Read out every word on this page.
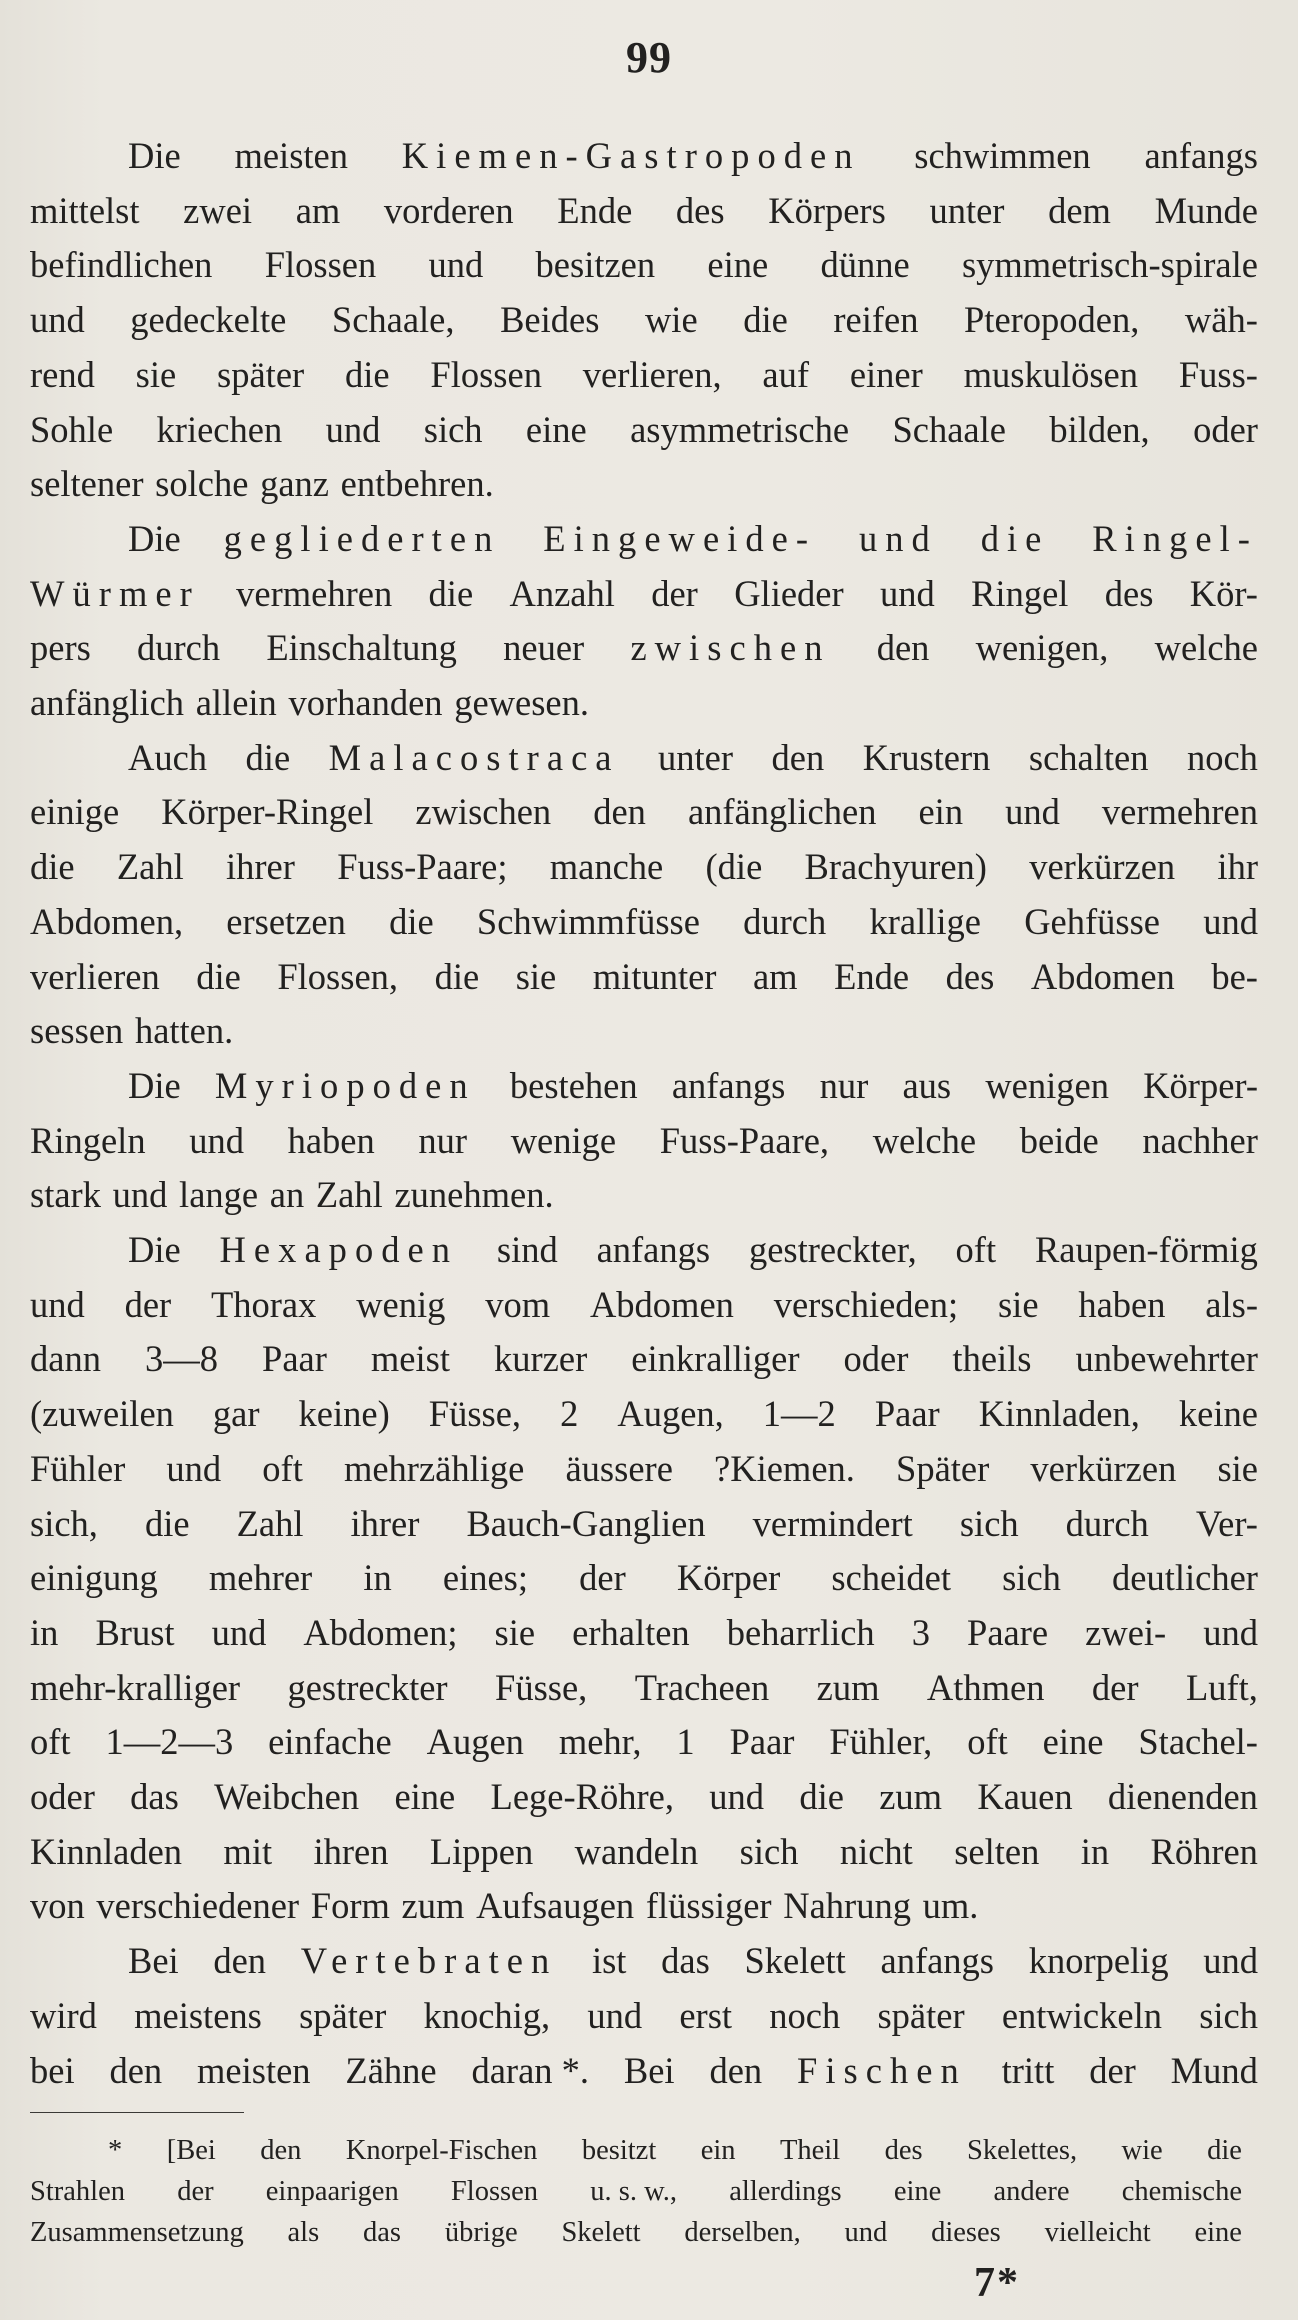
99
Die meisten Kiemen-Gastropoden schwimmen anfangs
mittelst zwei am vorderen Ende des Körpers unter dem Munde
befindlichen Flossen und besitzen eine dünne symmetrisch-spirale
und gedeckelte Schaale, Beides wie die reifen Pteropoden, wäh-
rend sie später die Flossen verlieren, auf einer muskulösen Fuss-
Sohle kriechen und sich eine asymmetrische Schaale bilden, oder
seltener solche ganz entbehren.
Die gegliederten Eingeweide- und die Ringel-
Würmer vermehren die Anzahl der Glieder und Ringel des Kör-
pers durch Einschaltung neuer zwischen den wenigen, welche
anfänglich allein vorhanden gewesen.
Auch die Malacostraca unter den Krustern schalten noch
einige Körper-Ringel zwischen den anfänglichen ein und vermehren
die Zahl ihrer Fuss-Paare; manche (die Brachyuren) verkürzen ihr
Abdomen, ersetzen die Schwimmfüsse durch krallige Gehfüsse und
verlieren die Flossen, die sie mitunter am Ende des Abdomen be-
sessen hatten.
Die Myriopoden bestehen anfangs nur aus wenigen Körper-
Ringeln und haben nur wenige Fuss-Paare, welche beide nachher
stark und lange an Zahl zunehmen.
Die Hexapoden sind anfangs gestreckter, oft Raupen-förmig
und der Thorax wenig vom Abdomen verschieden; sie haben als-
dann 3—8 Paar meist kurzer einkralliger oder theils unbewehrter
(zuweilen gar keine) Füsse, 2 Augen, 1—2 Paar Kinnladen, keine
Fühler und oft mehrzählige äussere ?Kiemen. Später verkürzen sie
sich, die Zahl ihrer Bauch-Ganglien vermindert sich durch Ver-
einigung mehrer in eines; der Körper scheidet sich deutlicher
in Brust und Abdomen; sie erhalten beharrlich 3 Paare zwei- und
mehr-kralliger gestreckter Füsse, Tracheen zum Athmen der Luft,
oft 1—2—3 einfache Augen mehr, 1 Paar Fühler, oft eine Stachel-
oder das Weibchen eine Lege-Röhre, und die zum Kauen dienenden
Kinnladen mit ihren Lippen wandeln sich nicht selten in Röhren
von verschiedener Form zum Aufsaugen flüssiger Nahrung um.
Bei den Vertebraten ist das Skelett anfangs knorpelig und
wird meistens später knochig, und erst noch später entwickeln sich
bei den meisten Zähne daran *. Bei den Fischen tritt der Mund
* [Bei den Knorpel-Fischen besitzt ein Theil des Skelettes, wie die
Strahlen der einpaarigen Flossen u. s. w., allerdings eine andere chemische
Zusammensetzung als das übrige Skelett derselben, und dieses vielleicht eine
7*
